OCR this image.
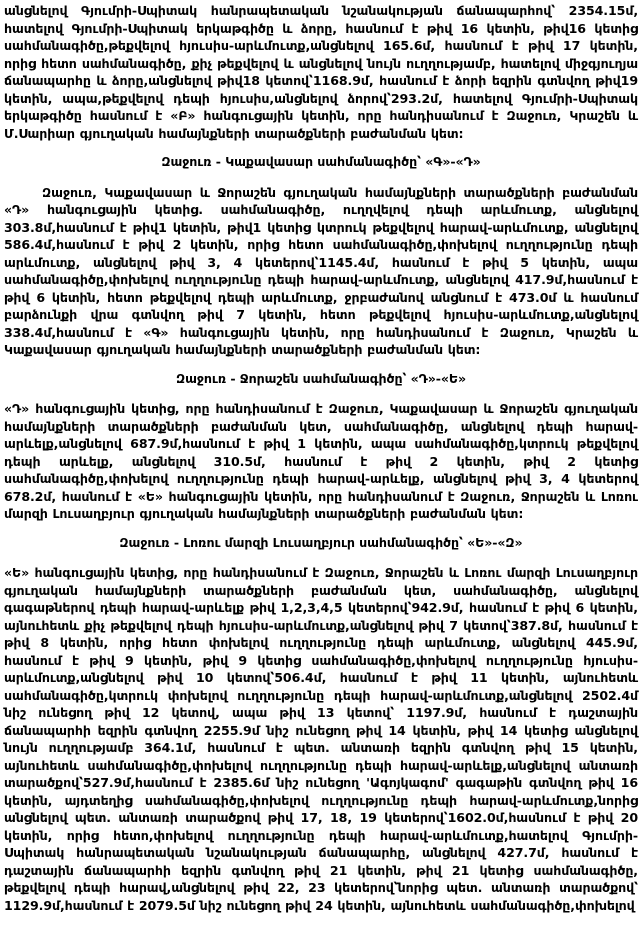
անցնելով Գյումրի-Սպիտակ հանրապետական նշանակության ճանապարհով՝ 2354.15մ, հատելով Գյումրի-Սպիտակ երկաթգիծը և ձորը, հասնում է թիվ 16 կետին, թիվ16 կետից սահմանագիծը,թեքվելով հյուսիս-արևմուտք,անցնելով 165.6մ, հասնում է թիվ 17 կետին, որից հետո սահմանագիծը, քիչ թեքվելով և անցնելով նույն ուղղությամբ, հատելով միջգյուղյա ճանապարհը և ձորը,անցնելով թիվ18 կետով՝1168.9մ, հասնում է ձորի եզրին գտնվող թիվ19 կետին, ապա,թեքվելով դեպի հյուսիս,անցնելով ձորով՝293.2մ, հատելով Գյումրի-Սպիտակ երկաթգիծը հասնում է «Բ» հանգուցային կետին, որը հանդիսանում է Զաջուռ, Կրաշեն և Մ.Սարիար գյուղական համայնքների տարածքների բաժանման կետ:

Զաջուռ - Կաքավասար սահմանագիծը՝ «Գ»-«Դ»

Զաջուռ, Կաքավասար և Ջորաշեն գյուղական համայնքների տարածքների բաժանման «Դ» հանգուցային կետից. սահմանագիծը, ուղղվելով դեպի արևմուտք, անցնելով 303.8մ,հասնում է թիվ1 կետին, թիվ1 կետից կտրուկ թեքվելով հարավ-արևմուտք, անցնելով 586.4մ,հասնում է թիվ 2 կետին, որից հետո սահմանագիծը,փոխելով ուղղությունը դեպի արևմուտք, անցնելով թիվ 3, 4 կետերով՝1145.4մ, հասնում է թիվ 5 կետին, ապա սահմանագիծը,փոխելով ուղղությունը դեպի հարավ-արևմուտք, անցնելով 417.9մ,հասնում է թիվ 6 կետին, հետո թեքվելով դեպի արևմուտք, ջրբաժանով անցնում է 473.0մ և հասնում բարձունքի վրա գտնվող թիվ 7 կետին, հետո թեքվելով հյուսիս-արևմուտք,անցնելով 338.4մ,հասնում է «Գ» հանգուցային կետին, որը հանդիսանում է Զաջուռ, Կրաշեն և Կաքավասար գյուղական համայնքների տարածքների բաժանման կետ:

Զաջուռ - Ջորաշեն սահմանագիծը՝ «Դ»-«Ե»

«Դ» հանգուցային կետից, որը հանդիսանում է Զաջուռ, Կաքավասար և Ջորաշեն գյուղական համայնքների տարածքների բաժանման կետ, սահմանագիծը, անցնելով դեպի հարավ-արևելք,անցնելով 687.9մ,հասնում է թիվ 1 կետին, ապա սահմանագիծը,կտրուկ թեքվելով դեպի արևելք, անցնելով 310.5մ, հասնում է թիվ 2 կետին, թիվ 2 կետից սահմանագիծը,փոխելով ուղղությունը դեպի հարավ-արևելք, անցնելով թիվ 3, 4 կետերով 678.2մ, հասնում է «Ե» հանգուցային կետին, որը հանդիսանում է Զաջուռ, Ջորաշեն և Լոռու մարզի Լուսաղբյուր գյուղական համայնքների տարածքների բաժանման կետ:

Զաջուռ - Լոռու մարզի Լուսաղբյուր սահմանագիծը՝ «Ե»-«Զ»

«Ե» հանգուցային կետից, որը հանդիսանում է Զաջուռ, Ջորաշեն և Լոռու մարզի Լուսաղբյուր գյուղական համայնքների տարածքների բաժանման կետ, սահմանագիծը, անցնելով գագաթներով դեպի հարավ-արևելք թիվ 1,2,3,4,5 կետերով՝942.9մ, հասնում է թիվ 6 կետին, այնուհետև քիչ թեքվելով դեպի հյուսիս-արևմուտք,անցնելով թիվ 7 կետով՝387.8մ, հասնում է թիվ 8 կետին, որից հետո փոխելով ուղղությունը դեպի արևմուտք, անցնելով 445.9մ, հասնում է թիվ 9 կետին, թիվ 9 կետից սահմանագիծը,փոխելով ուղղությունը հյուսիս-արևմուտք,անցնելով թիվ 10 կետով՝506.4մ, հասնում է թիվ 11 կետին, այնուհետև սահմանագիծը,կտրուկ փոխելով ուղղությունը դեպի հարավ-արևմուտք,անցնելով 2502.4մ նիշ ունեցող թիվ 12 կետով, ապա թիվ 13 կետով՝ 1197.9մ, հասնում է դաշտային ճանապարհի եզրին գտնվող 2255.9մ նիշ ունեցող թիվ 14 կետին, թիվ 14 կետից անցնելով նույն ուղղությամբ 364.1մ, հասնում է պետ. անտառի եզրին գտնվող թիվ 15 կետին, այնուհետև սահմանագիծը,փոխելով ուղղությունը դեպի հարավ-արևելք,անցնելով անտառի տարածքով՝527.9մ,հասնում է 2385.6մ նիշ ունեցող 'Ագոյկագոմ' գագաթին գտնվող թիվ 16 կետին, այդտեղից սահմանագիծը,փոխելով ուղղությունը դեպի հարավ-արևմուտք,նորից անցնելով պետ. անտառի տարածքով թիվ 17, 18, 19 կետերով՝1602.0մ,հասնում է թիվ 20 կետին, որից հետո,փոխելով ուղղությունը դեպի հարավ-արևմուտք,հատելով Գյումրի-Սպիտակ հանրապետական նշանակության ճանապարհը, անցնելով 427.7մ, հասնում է դաշտային ճանապարհի եզրին գտնվող թիվ 21 կետին, թիվ 21 կետից սահմանագիծը, թեքվելով դեպի հարավ,անցնելով թիվ 22, 23 կետերով՝նորից պետ. անտառի տարածքով՝ 1129.9մ,հասնում է 2079.5մ նիշ ունեցող թիվ 24 կետին, այնուհետև սահմանագիծը,փոխելով
